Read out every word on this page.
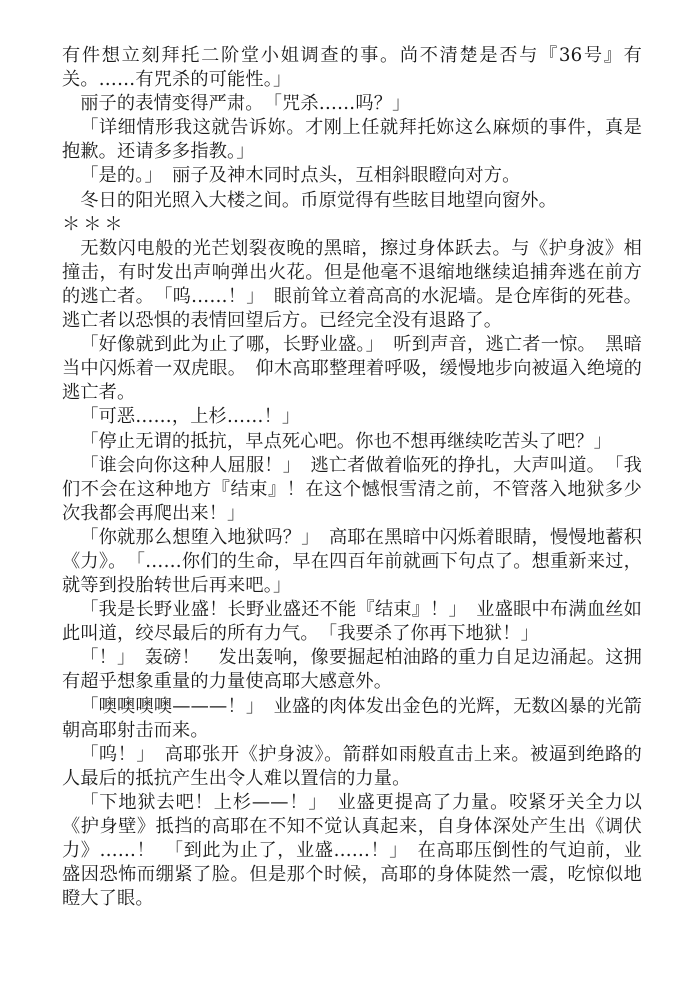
有件想立刻拜托二阶堂小姐调查的事。尚不清楚是否与『36号』有关。……有咒杀的可能性。」

丽子的表情变得严肃。　「咒杀……吗？」

「详细情形我这就告诉妳。才刚上任就拜托妳这么麻烦的事件，真是抱歉。还请多多指教。」

「是的。」　丽子及神木同时点头，互相斜眼瞪向对方。

冬日的阳光照入大楼之间。币原觉得有些眩目地望向窗外。

＊＊＊

无数闪电般的光芒划裂夜晚的黑暗，擦过身体跃去。与《护身波》相撞击，有时发出声响弹出火花。但是他毫不退缩地继续追捕奔逃在前方的逃亡者。　「呜……！」　眼前耸立着高高的水泥墙。是仓库街的死巷。逃亡者以恐惧的表情回望后方。已经完全没有退路了。

「好像就到此为止了哪，长野业盛。」　听到声音，逃亡者一惊。　黑暗当中闪烁着一双虎眼。　仰木高耶整理着呼吸，缓慢地步向被逼入绝境的逃亡者。

「可恶……，上杉……！」

「停止无谓的抵抗，早点死心吧。你也不想再继续吃苦头了吧？」

「谁会向你这种人屈服！」　逃亡者做着临死的挣扎，大声叫道。　「我们不会在这种地方『结束』！在这个憾恨雪清之前，不管落入地狱多少次我都会再爬出来！」

「你就那么想堕入地狱吗？」　高耶在黑暗中闪烁着眼睛，慢慢地蓄积《力》。　「……你们的生命，早在四百年前就画下句点了。想重新来过，就等到投胎转世后再来吧。」

「我是长野业盛！长野业盛还不能『结束』！」　业盛眼中布满血丝如此叫道，绞尽最后的所有力气。　「我要杀了你再下地狱！」

「！」　轰磅！　发出轰响，像要掘起柏油路的重力自足边涌起。这拥有超乎想象重量的力量使高耶大感意外。

「噢噢噢噢———！」　业盛的肉体发出金色的光辉，无数凶暴的光箭朝高耶射击而来。

「呜！」　高耶张开《护身波》。箭群如雨般直击上来。被逼到绝路的人最后的抵抗产生出令人难以置信的力量。

「下地狱去吧！上杉——！」　业盛更提高了力量。咬紧牙关全力以《护身壁》抵挡的高耶在不知不觉认真起来，自身体深处产生出《调伏力》……！　「到此为止了，业盛……！」　在高耶压倒性的气迫前，业盛因恐怖而绷紧了脸。但是那个时候，高耶的身体陡然一震，吃惊似地瞪大了眼。
